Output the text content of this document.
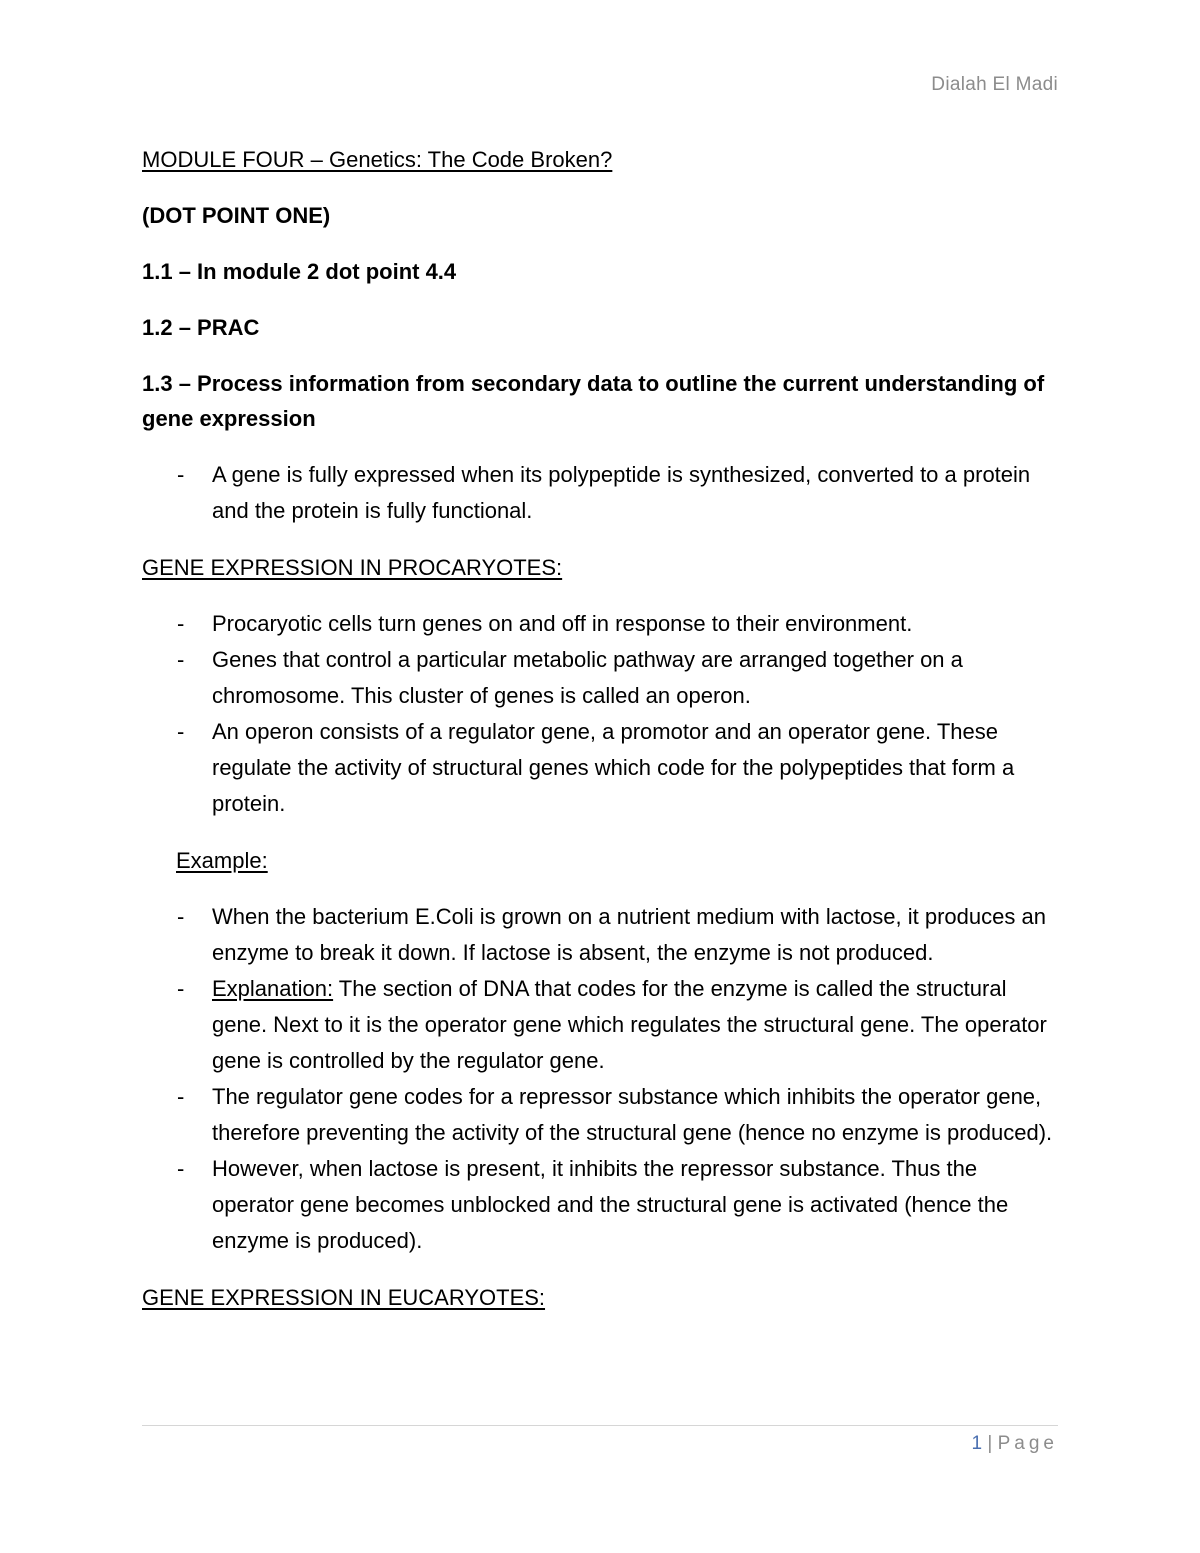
Dialah El Madi

MODULE FOUR – Genetics: The Code Broken?

(DOT POINT ONE)

1.1 – In module 2 dot point 4.4

1.2 – PRAC

1.3 – Process information from secondary data to outline the current understanding of gene expression

- A gene is fully expressed when its polypeptide is synthesized, converted to a protein and the protein is fully functional.

GENE EXPRESSION IN PROCARYOTES:

- Procaryotic cells turn genes on and off in response to their environment.
- Genes that control a particular metabolic pathway are arranged together on a chromosome. This cluster of genes is called an operon.
- An operon consists of a regulator gene, a promotor and an operator gene. These regulate the activity of structural genes which code for the polypeptides that form a protein.

Example:

- When the bacterium E.Coli is grown on a nutrient medium with lactose, it produces an enzyme to break it down. If lactose is absent, the enzyme is not produced.
- Explanation: The section of DNA that codes for the enzyme is called the structural gene. Next to it is the operator gene which regulates the structural gene. The operator gene is controlled by the regulator gene.
- The regulator gene codes for a repressor substance which inhibits the operator gene, therefore preventing the activity of the structural gene (hence no enzyme is produced).
- However, when lactose is present, it inhibits the repressor substance. Thus the operator gene becomes unblocked and the structural gene is activated (hence the enzyme is produced).

GENE EXPRESSION IN EUCARYOTES:

1 | Page
